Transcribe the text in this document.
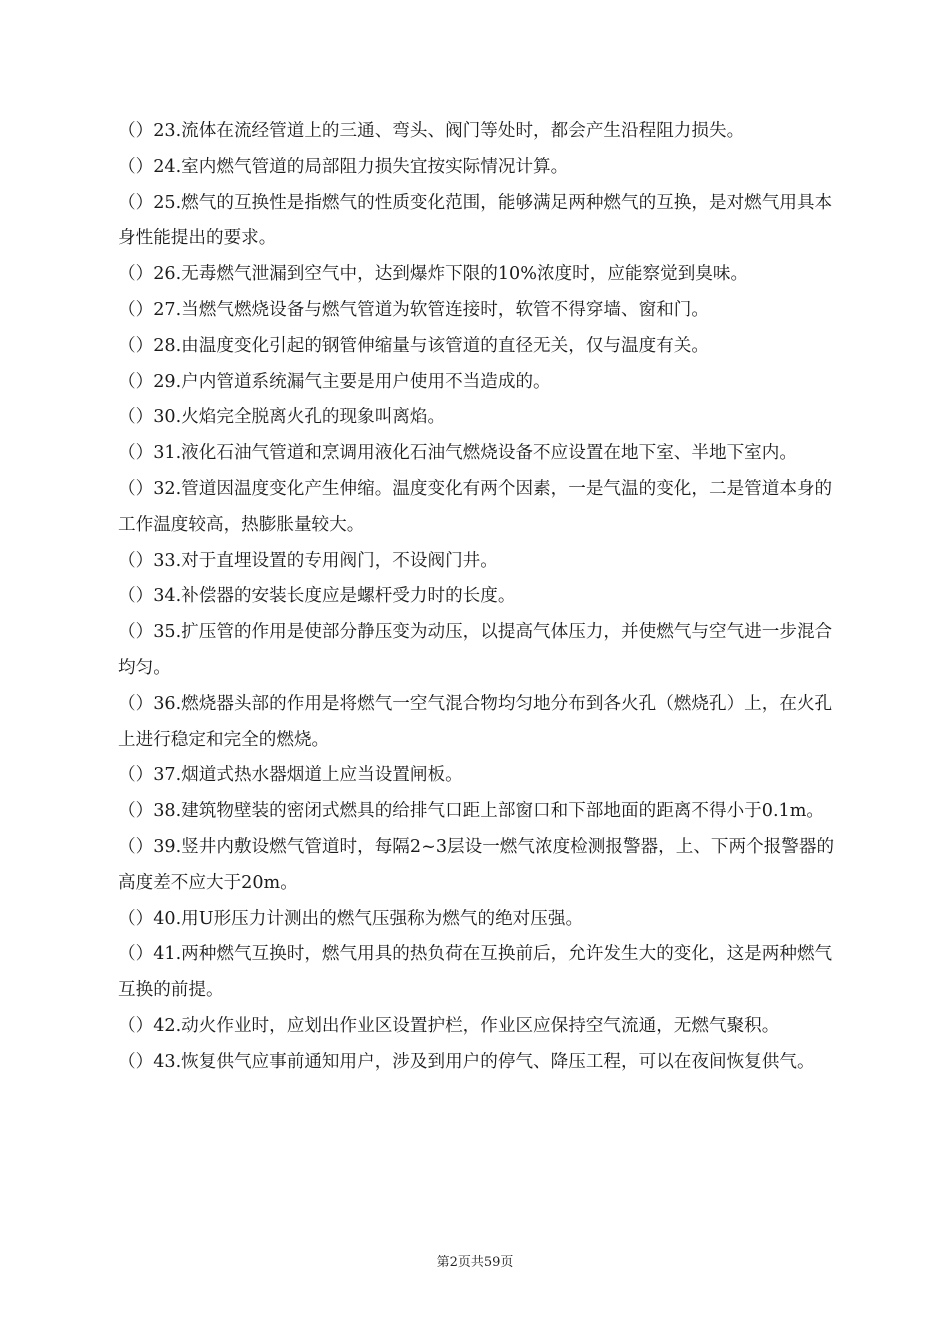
（）23.流体在流经管道上的三通、弯头、阀门等处时，都会产生沿程阻力损失。

（）24.室内燃气管道的局部阻力损失宜按实际情况计算。

（）25.燃气的互换性是指燃气的性质变化范围，能够满足两种燃气的互换，是对燃气用具本身性能提出的要求。

（）26.无毒燃气泄漏到空气中，达到爆炸下限的10%浓度时，应能察觉到臭味。

（）27.当燃气燃烧设备与燃气管道为软管连接时，软管不得穿墙、窗和门。

（）28.由温度变化引起的钢管伸缩量与该管道的直径无关，仅与温度有关。

（）29.户内管道系统漏气主要是用户使用不当造成的。

（）30.火焰完全脱离火孔的现象叫离焰。

（）31.液化石油气管道和烹调用液化石油气燃烧设备不应设置在地下室、半地下室内。

（）32.管道因温度变化产生伸缩。温度变化有两个因素，一是气温的变化，二是管道本身的工作温度较高，热膨胀量较大。

（）33.对于直埋设置的专用阀门，不设阀门井。

（）34.补偿器的安装长度应是螺杆受力时的长度。

（）35.扩压管的作用是使部分静压变为动压，以提高气体压力，并使燃气与空气进一步混合均匀。

（）36.燃烧器头部的作用是将燃气一空气混合物均匀地分布到各火孔（燃烧孔）上，在火孔上进行稳定和完全的燃烧。

（）37.烟道式热水器烟道上应当设置闸板。

（）38.建筑物壁装的密闭式燃具的给排气口距上部窗口和下部地面的距离不得小于0.1m。

（）39.竖井内敷设燃气管道时，每隔2~3层设一燃气浓度检测报警器，上、下两个报警器的高度差不应大于20m。

（）40.用U形压力计测出的燃气压强称为燃气的绝对压强。

（）41.两种燃气互换时，燃气用具的热负荷在互换前后，允许发生大的变化，这是两种燃气互换的前提。

（）42.动火作业时，应划出作业区设置护栏，作业区应保持空气流通，无燃气聚积。

（）43.恢复供气应事前通知用户，涉及到用户的停气、降压工程，可以在夜间恢复供气。

第2页共59页
